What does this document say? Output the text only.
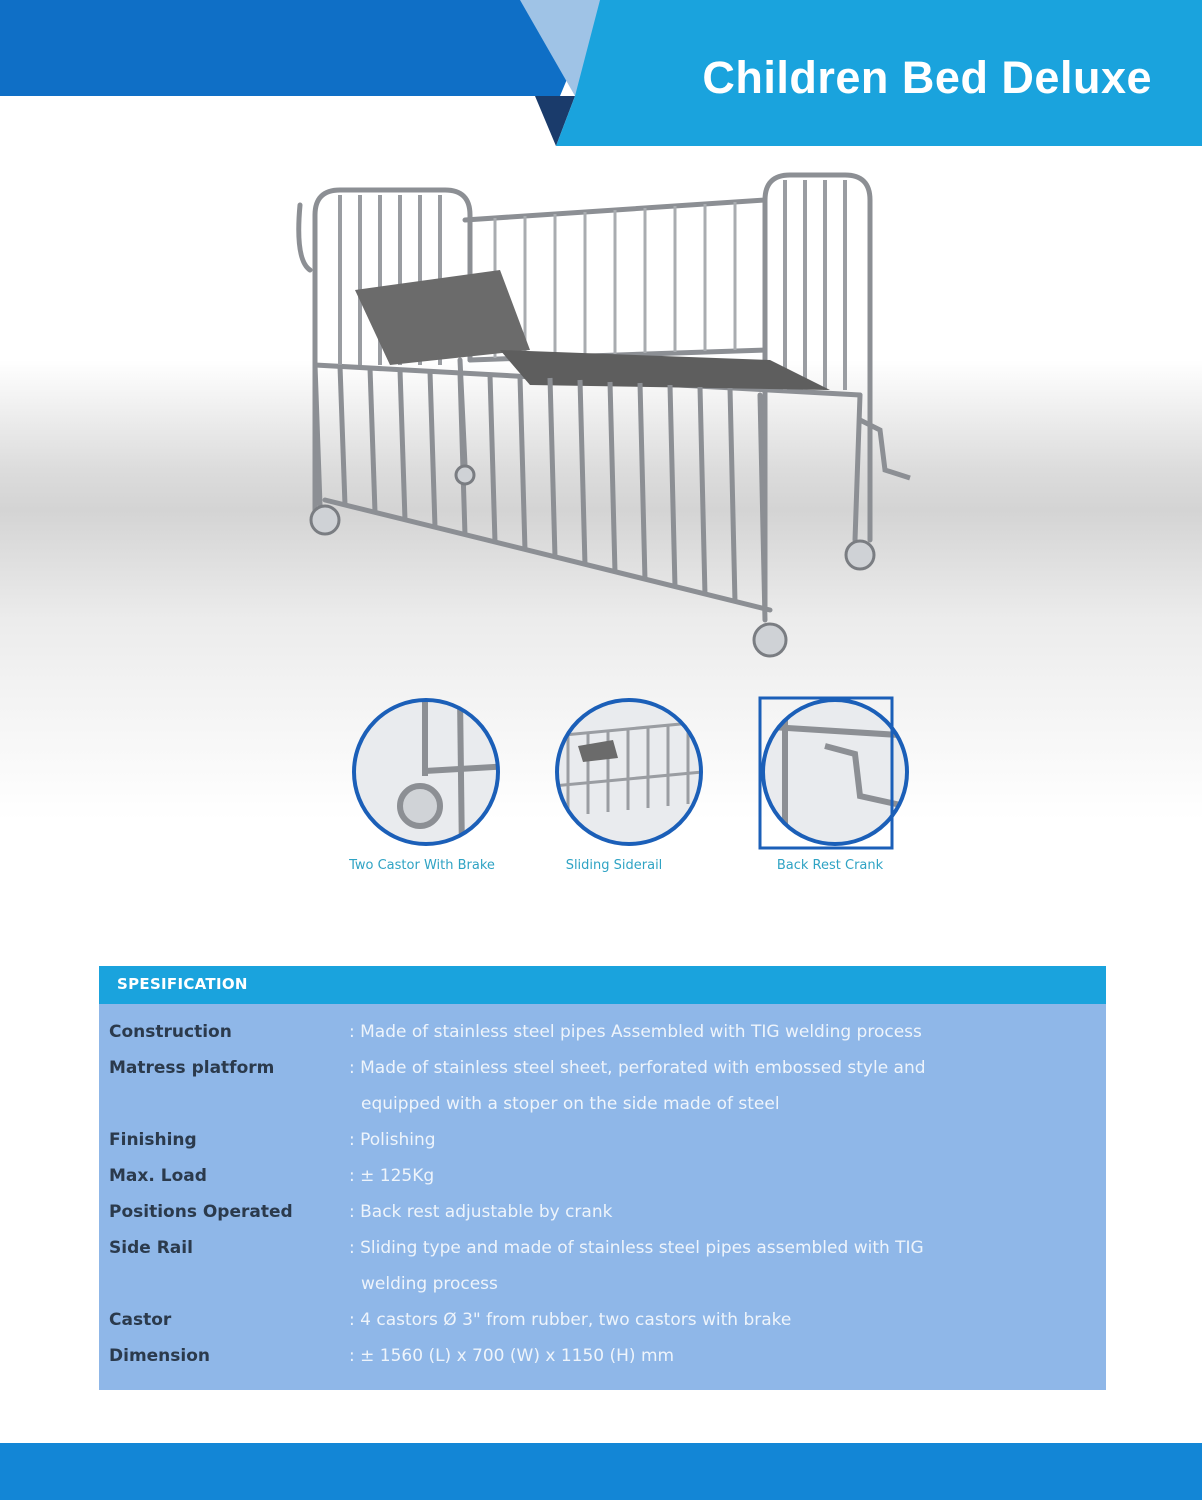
Children Bed Deluxe
Two Castor With Brake	Sliding Siderail	Back Rest Crank
SPESIFICATION
Construction	: Made of stainless steel pipes Assembled with TIG welding process
Matress platform	: Made of stainless steel sheet, perforated with embossed style and
equipped with a stoper on the side made of steel
Finishing	: Polishing
Max. Load	: ± 125Kg
Positions Operated	: Back rest adjustable by crank
Side Rail	: Sliding type and made of stainless steel pipes assembled with TIG
welding process
Castor	: 4 castors Ø 3" from rubber, two castors with brake
Dimension	: ± 1560 (L) x 700 (W) x 1150 (H) mm
